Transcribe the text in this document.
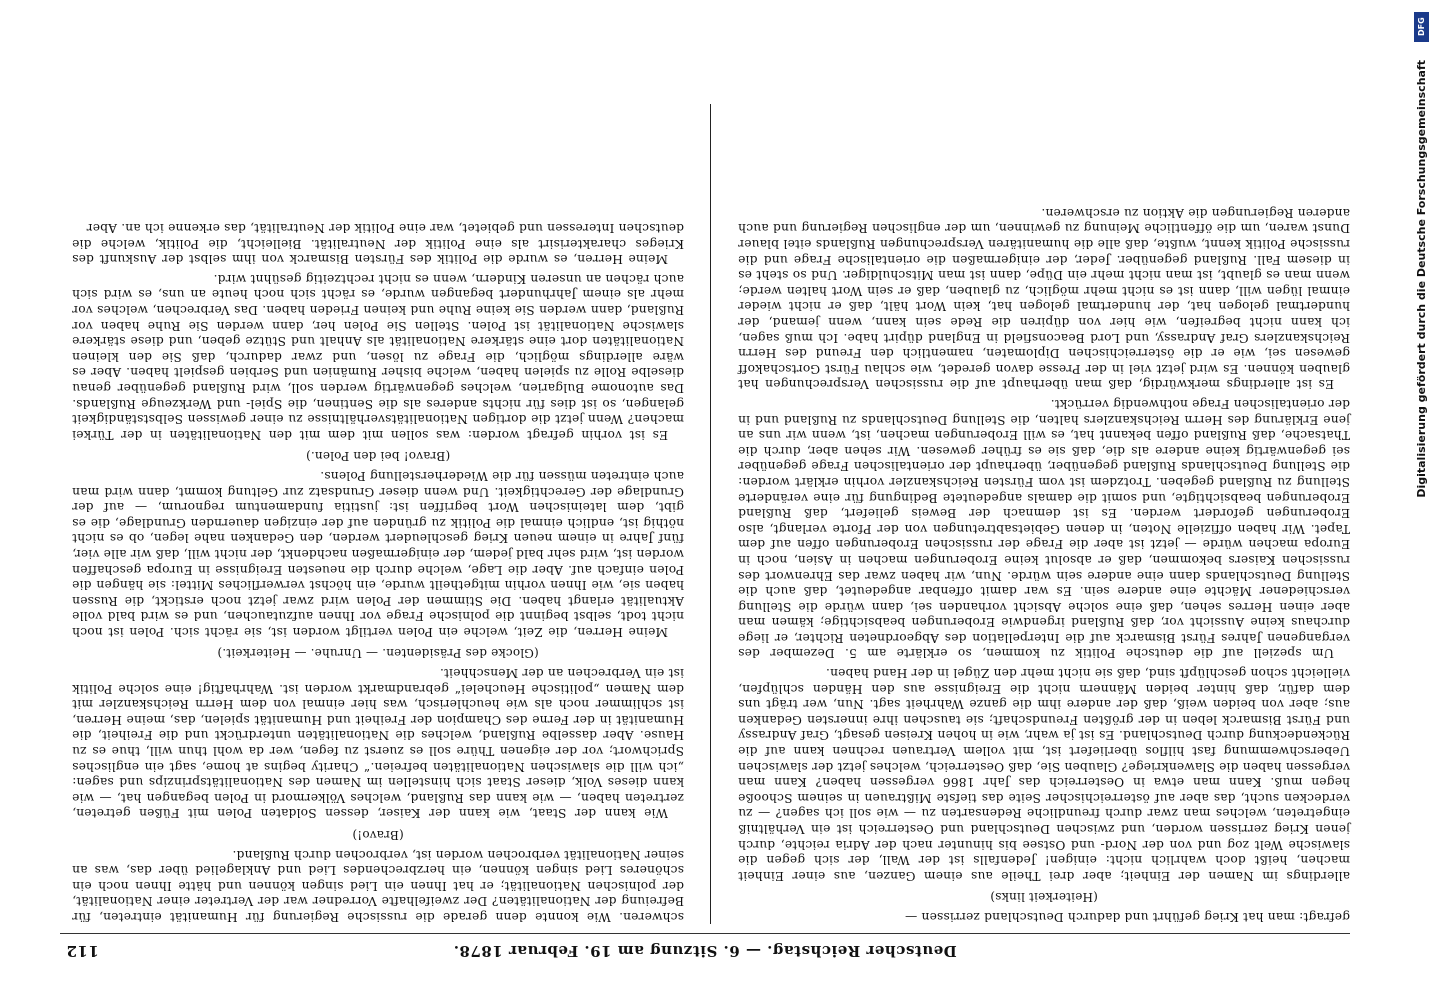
Deutscher Reichstag. — 6. Sitzung am 19. Februar 1878.
112

gefragt: man hat Krieg geführt und dadurch Deutschland zerrissen —

(Heiterkeit links)

allerdings im Namen der Einheit; aber drei Theile aus einem Ganzen, aus einer Einheit machen, heißt doch wahrlich nicht: einigen! Jedenfalls ist der Wall, der sich gegen die slawische Welt zog und von der Nord- und Ostsee bis hinunter nach der Adria reichte, durch jenen Krieg zerrissen worden, und zwischen Deutschland und Oesterreich ist ein Verhältniß eingetreten, welches man zwar durch freundliche Redensarten zu — wie soll ich sagen? — zu verdecken sucht, das aber auf österreichischer Seite das tiefste Mißtrauen in seinem Schooße hegen muß. Kann man etwa in Oesterreich das Jahr 1866 vergessen haben? Kann man vergessen haben die Slawenkriege? Glauben Sie, daß Oesterreich, welches jetzt der slawischen Ueberschwemmung fast hilflos überliefert ist, mit vollem Vertrauen rechnen kann auf die Rückendeckung durch Deutschland. Es ist ja wahr, wie in hohen Kreisen gesagt, Graf Andrassy und Fürst Bismarck leben in der größten Freundschaft; sie tauschen ihre innersten Gedanken aus; aber von beiden weiß, daß der andere ihm die ganze Wahrheit sagt. Nun, wer trägt uns dem dafür, daß hinter beiden Männern nicht die Ereignisse aus den Händen schlüpfen, vielleicht schon geschlüpft sind, daß sie nicht mehr den Zügel in der Hand haben.

Um speziell auf die deutsche Politik zu kommen, so erklärte am 5. Dezember des vergangenen Jahres Fürst Bismarck auf die Interpellation des Abgeordneten Richter, er liege durchaus keine Aussicht vor, daß Rußland irgendwie Eroberungen beabsichtige; kämen man aber einen Herres sehen, daß eine solche Absicht vorhanden sei, dann würde die Stellung verschiedener Mächte eine andere sein. Es war damit offenbar angedeutet, daß auch die Stellung Deutschlands dann eine andere sein würde. Nun, wir haben zwar das Ehrenwort des russischen Kaisers bekommen, daß er absolut keine Eroberungen machen in Asien, noch in Europa machen würde — jetzt ist aber die Frage der russischen Eroberungen offen auf dem Tapet. Wir haben offizielle Noten, in denen Gebietsabtretungen von der Pforte verlangt, also Eroberungen gefordert werden. Es ist demnach der Beweis geliefert, daß Rußland Eroberungen beabsichtigte, und somit die damals angedeutete Bedingung für eine veränderte Stellung zu Rußland gegeben. Trotzdem ist vom Fürsten Reichskanzler vorhin erklärt worden: die Stellung Deutschlands Rußland gegenüber, überhaupt der orientalischen Frage gegenüber sei gegenwärtig keine andere als die, daß sie es früher gewesen. Wir sehen aber, durch die Thatsache, daß Rußland offen bekannt hat, es will Eroberungen machen, ist, wenn wir uns an jene Erklärung des Herrn Reichskanzlers halten, die Stellung Deutschlands zu Rußland und in der orientalischen Frage nothwendig verrückt.

Es ist allerdings merkwürdig, daß man überhaupt auf die russischen Versprechungen hat glauben können. Es wird jetzt viel in der Presse davon geredet, wie schlau Fürst Gortschakoff gewesen sei, wie er die österreichischen Diplomaten, namentlich den Freund des Herrn Reichskanzlers Graf Andrassy, und Lord Beaconsfield in England düpirt habe. Ich muß sagen, ich kann nicht begreifen, wie hier von düpiren die Rede sein kann, wenn jemand, der hundertmal gelogen hat, der hundertmal gelogen hat, kein Wort hält, daß er nicht wieder einmal lügen will, dann ist es nicht mehr möglich, zu glauben, daß er sein Wort halten werde; wenn man es glaubt, ist man nicht mehr ein Düpe, dann ist man Mitschuldiger. Und so steht es in diesem Fall. Rußland gegenüber. Jeder, der einigermaßen die orientalische Frage und die russische Politik kennt, wußte, daß alle die humanitären Versprechungen Rußlands eitel blauer Dunst waren, um die öffentliche Meinung zu gewinnen, um der englischen Regierung und auch anderen Regierungen die Aktion zu erschweren.

schweren. Wie konnte denn gerade die russische Regierung für Humanität eintreten, für Befreiung der Nationalitäten? Der zweifelhafte Vorredner war der Vertreter einer Nationalität, der polnischen Nationalität; er hat Ihnen ein Lied singen können und hätte Ihnen noch ein schöneres Lied singen können, ein herzbrechendes Lied und Anklagelied über das, was an seiner Nationalität verbrochen worden ist, verbrochen durch Rußland.

(Bravo!)

Wie kann der Staat, wie kann der Kaiser, dessen Soldaten Polen mit Füßen getreten, zertreten haben, — wie kann das Rußland, welches Völkermord in Polen begangen hat, — wie kann dieses Volk, dieser Staat sich hinstellen im Namen des Nationalitätsprinzips und sagen: „ich will die slawischen Nationalitäten befreien.“ Charity begins at home, sagt ein englisches Sprichwort; vor der eigenen Thüre soll es zuerst zu fegen, wer da wohl thun will, thue es zu Hause. Aber dasselbe Rußland, welches die Nationalitäten unterdrückt und die Freiheit, die Humanität in der Ferne des Champion der Freiheit und Humanität spielen, das, meine Herren, ist schlimmer noch als wie heuchlerisch, was hier einmal von dem Herrn Reichskanzler mit dem Namen „politische Heuchelei“ gebrandmarkt worden ist. Wahrhaftig! eine solche Politik ist ein Verbrechen an der Menschheit.

(Glocke des Präsidenten. — Unruhe. — Heiterkeit.)

Meine Herren, die Zeit, welche ein Polen vertilgt worden ist, sie rächt sich. Polen ist noch nicht todt, selbst beginnt die polnische Frage vor Ihnen aufzutauchen, und es wird bald volle Aktualität erlangt haben. Die Stimmen der Polen wird zwar jetzt noch erstickt, die Russen haben sie, wie Ihnen vorhin mitgetheilt wurde, ein höchst verwerfliches Mittel: sie hängen die Polen einfach auf. Aber die Lage, welche durch die neuesten Ereignisse in Europa geschaffen worden ist, wird sehr bald jedem, der einigermaßen nachdenkt, der nicht will, daß wir alle vier, fünf Jahre in einem neuen Krieg geschleudert werden, den Gedanken nahe legen, ob es nicht nöthig ist, endlich einmal die Politik zu gründen auf der einzigen dauernden Grundlage, die es gibt, dem lateinischen Wort begriffen ist: justitia fundamentum regnorum, — auf der Grundlage der Gerechtigkeit. Und wenn dieser Grundsatz zur Geltung kommt, dann wird man auch eintreten müssen für die Wiederherstellung Polens.

(Bravo! bei den Polen.)

Es ist vorhin gefragt worden: was sollen mit dem mit den Nationalitäten in der Türkei machen? Wenn jetzt die dortigen Nationalitätsverhältnisse zu einer gewissen Selbstständigkeit gelangen, so ist dies für nichts anderes als die Sentinen, die Spiel- und Werkzeuge Rußlands. Das autonome Bulgarien, welches gegenwärtig werden soll, wird Rußland gegenüber genau dieselbe Rolle zu spielen haben, welche bisher Rumänien und Serbien gespielt haben. Aber es wäre allerdings möglich, die Frage zu lösen, und zwar dadurch, daß Sie den kleinen Nationalitäten dort eine stärkere Nationalität als Anhalt und Stütze geben, und diese stärkere slawische Nationalität ist Polen. Stellen Sie Polen her, dann werden Sie Ruhe haben vor Rußland, dann werden Sie keine Ruhe und keinen Frieden haben. Das Verbrechen, welches vor mehr als einem Jahrhundert begangen wurde, es rächt sich noch heute an uns, es wird sich auch rächen an unseren Kindern, wenn es nicht rechtzeitig gesühnt wird.

Meine Herren, es wurde die Politik des Fürsten Bismarck von ihm selbst der Auskunft des Krieges charakterisirt als eine Politik der Neutralität. Bielleicht, die Politik, welche die deutschen Interessen und gebietet, war eine Politik der Neutralität, das erkenne ich an. Aber

DFG
Digitalisierung gefördert durch die Deutsche Forschungsgemeinschaft
